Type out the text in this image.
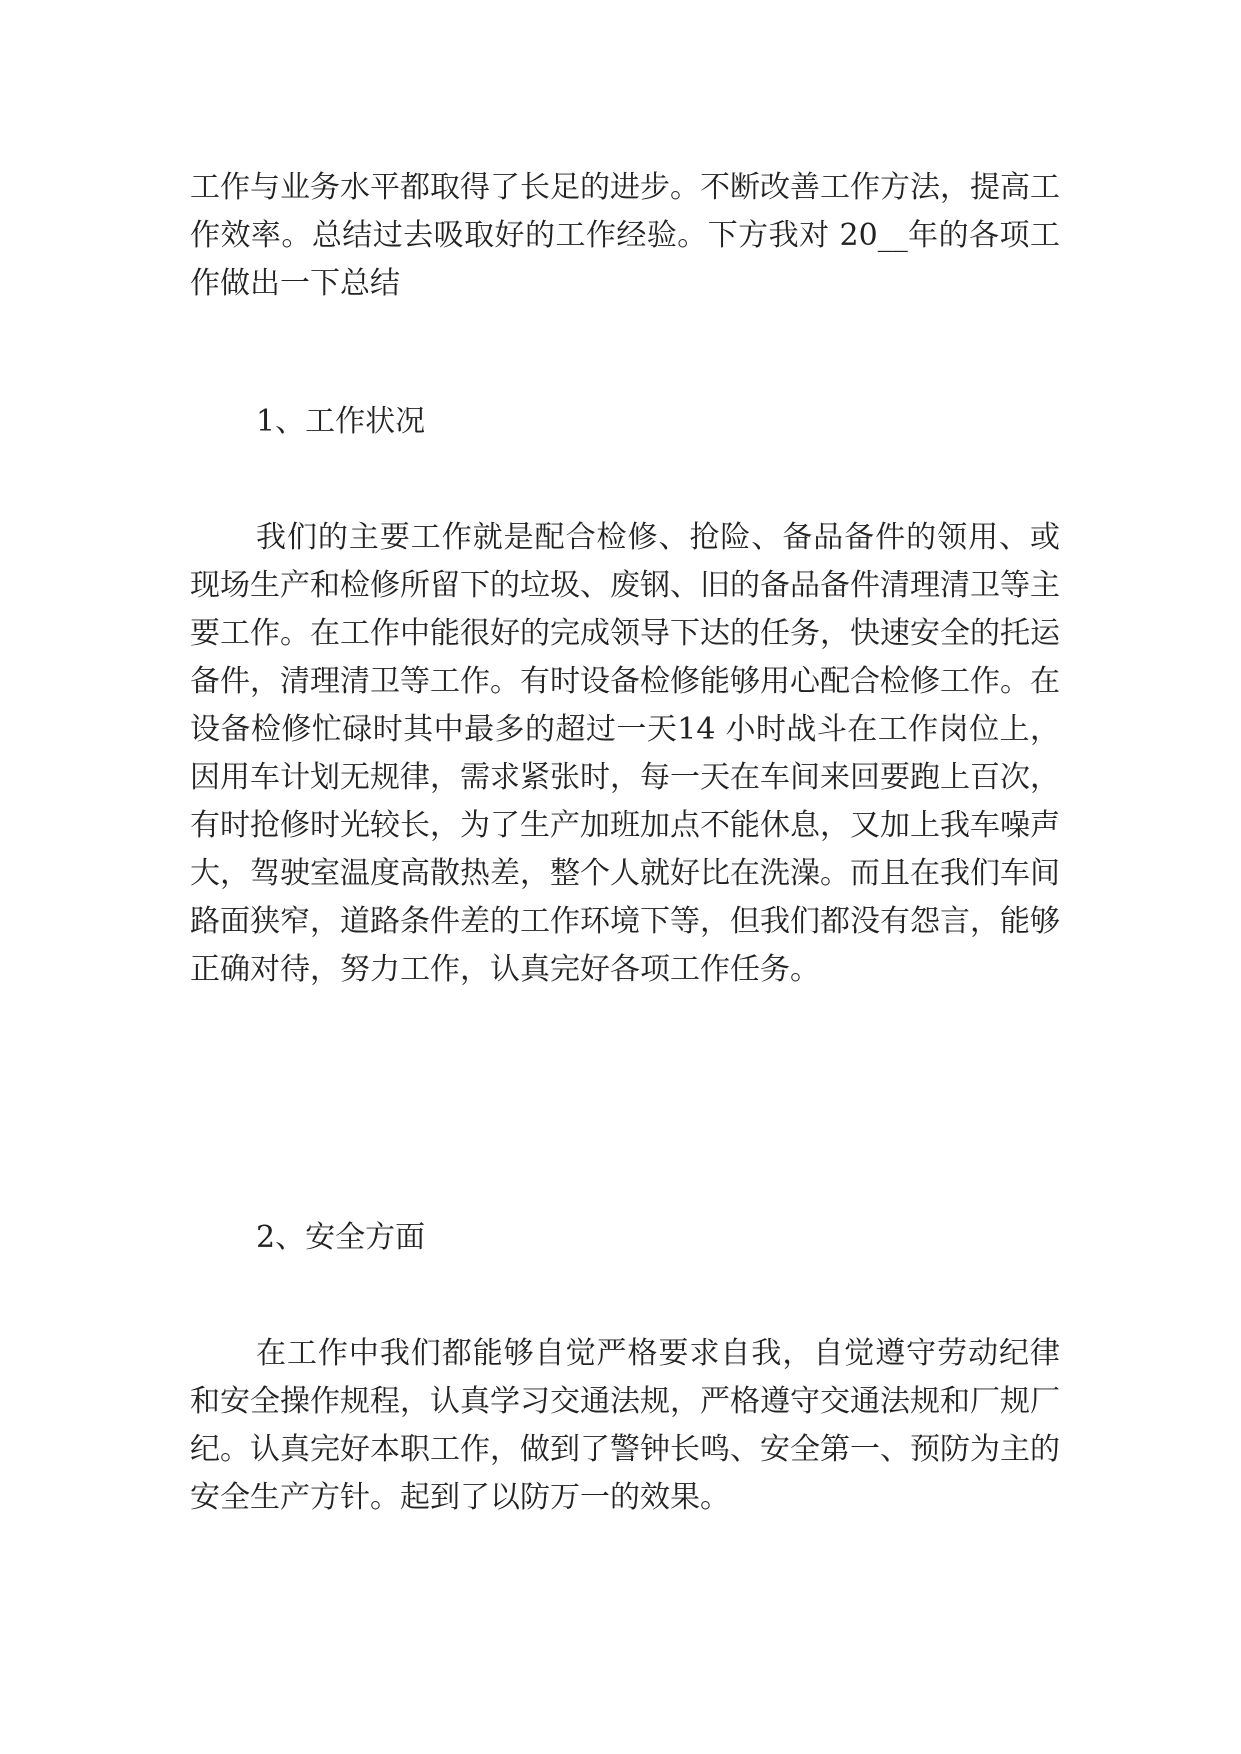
工作与业务水平都取得了长足的进步。不断改善工作方法，提高工作效率。总结过去吸取好的工作经验。下方我对 20__年的各项工作做出一下总结

1、工作状况

我们的主要工作就是配合检修、抢险、备品备件的领用、或现场生产和检修所留下的垃圾、废钢、旧的备品备件清理清卫等主要工作。在工作中能很好的完成领导下达的任务，快速安全的托运备件，清理清卫等工作。有时设备检修能够用心配合检修工作。在设备检修忙碌时其中最多的超过一天14 小时战斗在工作岗位上，因用车计划无规律，需求紧张时，每一天在车间来回要跑上百次，有时抢修时光较长，为了生产加班加点不能休息，又加上我车噪声大，驾驶室温度高散热差，整个人就好比在洗澡。而且在我们车间路面狭窄，道路条件差的工作环境下等，但我们都没有怨言，能够正确对待，努力工作，认真完好各项工作任务。

2、安全方面

在工作中我们都能够自觉严格要求自我，自觉遵守劳动纪律和安全操作规程，认真学习交通法规，严格遵守交通法规和厂规厂纪。认真完好本职工作，做到了警钟长鸣、安全第一、预防为主的安全生产方针。起到了以防万一的效果。
